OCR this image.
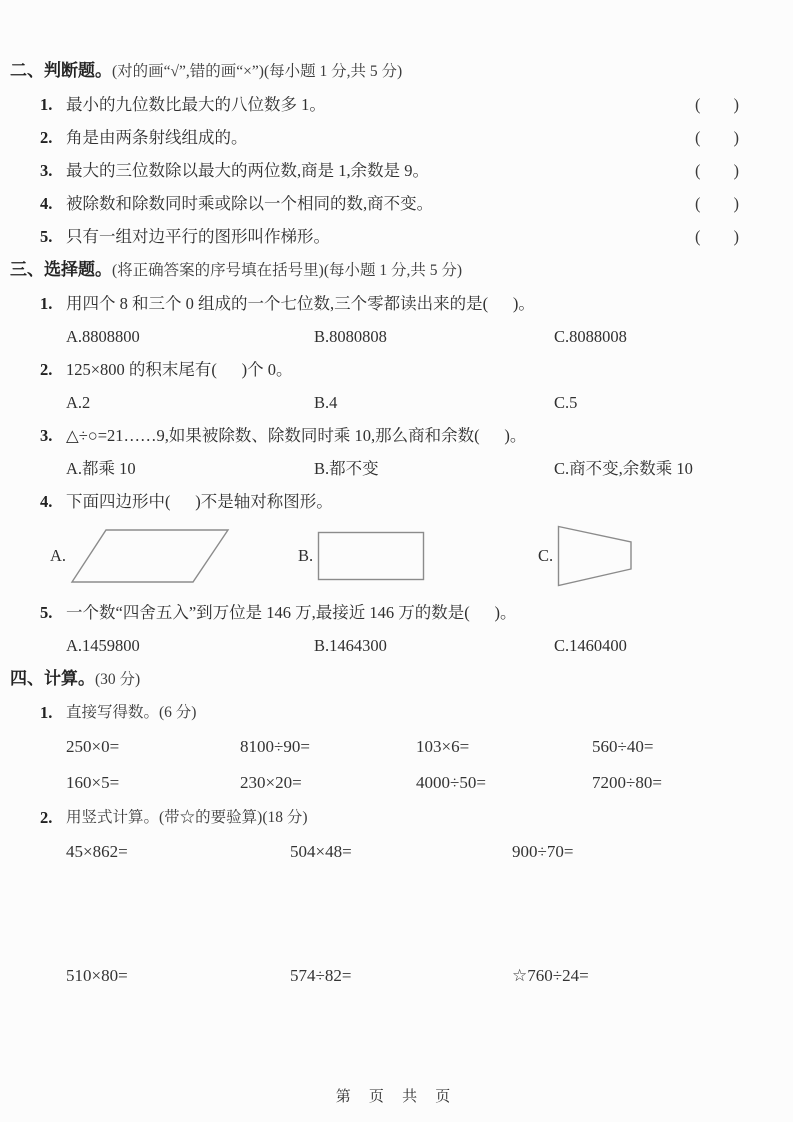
二、判断题。(对的画“√”,错的画“×”)(每小题 1 分,共 5 分)
1. 最小的九位数比最大的八位数多 1。	(        )
2. 角是由两条射线组成的。	(        )
3. 最大的三位数除以最大的两位数,商是 1,余数是 9。	(        )
4. 被除数和除数同时乘或除以一个相同的数,商不变。	(        )
5. 只有一组对边平行的图形叫作梯形。	(        )
三、选择题。(将正确答案的序号填在括号里)(每小题 1 分,共 5 分)
1. 用四个 8 和三个 0 组成的一个七位数,三个零都读出来的是(      )。
A.8808800	B.8080808	C.8088008
2. 125×800 的积末尾有(      )个 0。
A.2	B.4	C.5
3. △÷○=21……9,如果被除数、除数同时乘 10,那么商和余数(      )。
A.都乘 10	B.都不变	C.商不变,余数乘 10
4. 下面四边形中(      )不是轴对称图形。
A.	B.	C.
5. 一个数“四舍五入”到万位是 146 万,最接近 146 万的数是(      )。
A.1459800	B.1464300	C.1460400
四、计算。(30 分)
1. 直接写得数。(6 分)
250×0=	8100÷90=	103×6=	560÷40=
160×5=	230×20=	4000÷50=	7200÷80=
2. 用竖式计算。(带☆的要验算)(18 分)
45×862=	504×48=	900÷70=
510×80=	574÷82=	☆760÷24=
第 页 共 页
